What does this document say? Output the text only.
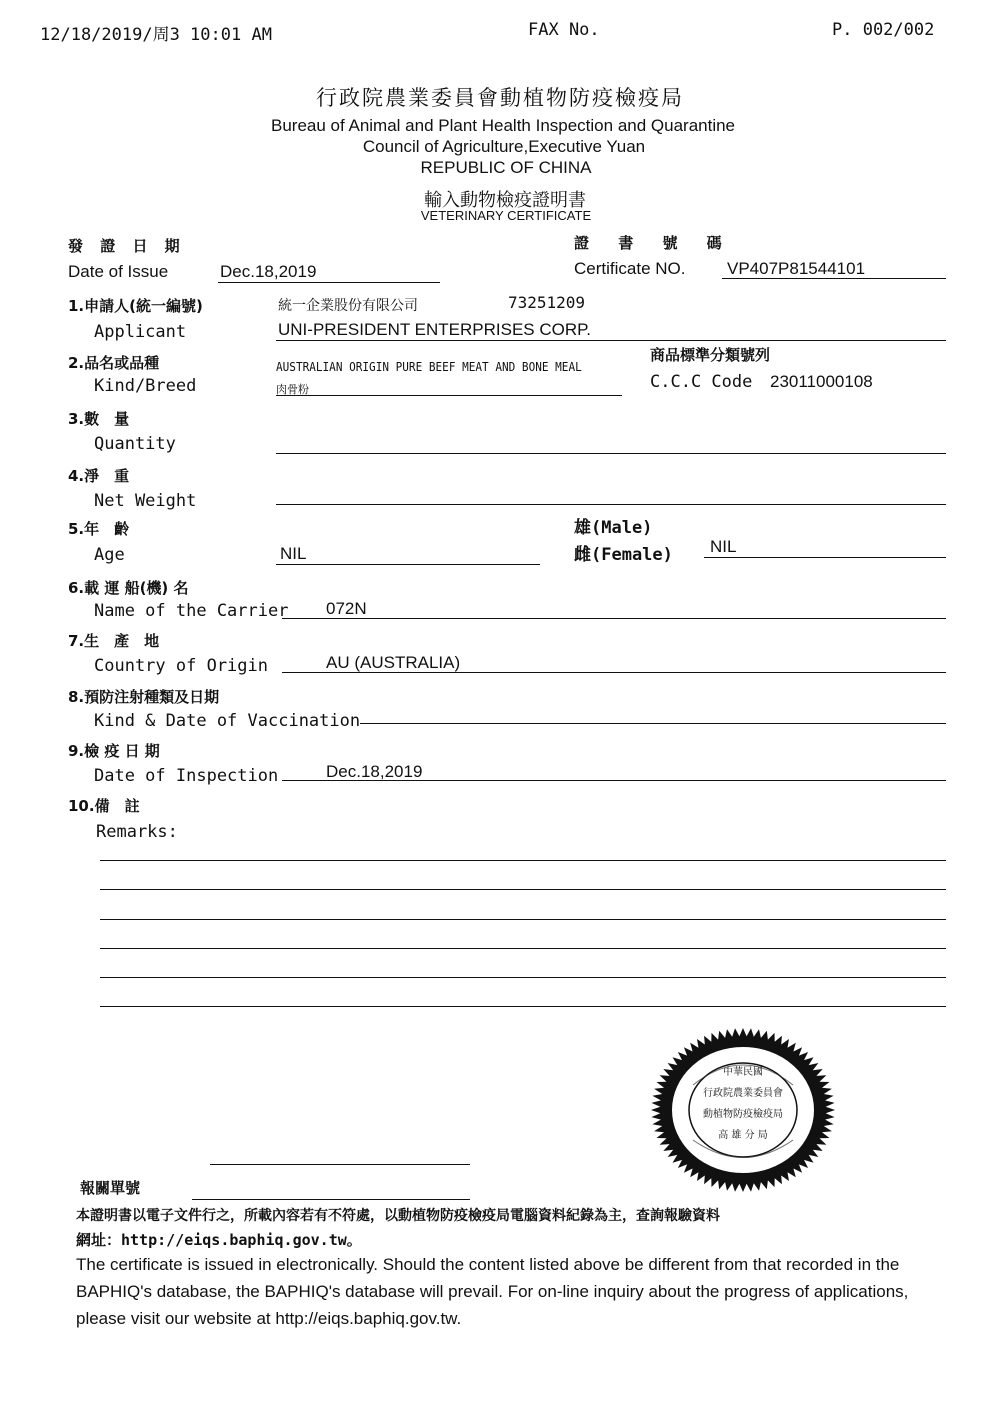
12/18/2019/周3 10:01 AM	FAX No.	P. 002/002
行政院農業委員會動植物防疫檢疫局
Bureau of Animal and Plant Health Inspection and Quarantine
Council of Agriculture,Executive Yuan
REPUBLIC OF CHINA
輸入動物檢疫證明書
VETERINARY CERTIFICATE
發 證 日 期
Date of Issue	Dec.18,2019
證 書 號 碼
Certificate NO. VP407P81544101
1.申請人(統一編號)
Applicant
統一企業股份有限公司	73251209
UNI-PRESIDENT ENTERPRISES CORP.
2.品名或品種
Kind/Breed
AUSTRALIAN ORIGIN PURE BEEF MEAT AND BONE MEAL
肉骨粉
商品標準分類號列
C.C.C Code 23011000108
3.數　量
Quantity
4.淨　重
Net Weight
5.年　齡
Age	NIL
雄(Male)
雌(Female) NIL
6.載 運 船(機) 名
Name of the Carrier 072N
7.生　產　地
Country of Origin	AU (AUSTRALIA)
8.預防注射種類及日期
Kind & Date of Vaccination
9.檢 疫 日 期
Date of Inspection	Dec.18,2019
10.備　註
Remarks:
中華民國
行政院農業委員會
動植物防疫檢疫局
高 雄 分 局
報關單號
本證明書以電子文件行之，所載內容若有不符處，以動植物防疫檢疫局電腦資料紀錄為主，查詢報驗資料
網址：http://eiqs.baphiq.gov.tw。
The certificate is issued in electronically. Should the content listed above be different from that recorded in the BAPHIQ's database, the BAPHIQ's database will prevail. For on-line inquiry about the progress of applications, please visit our website at http://eiqs.baphiq.gov.tw.
